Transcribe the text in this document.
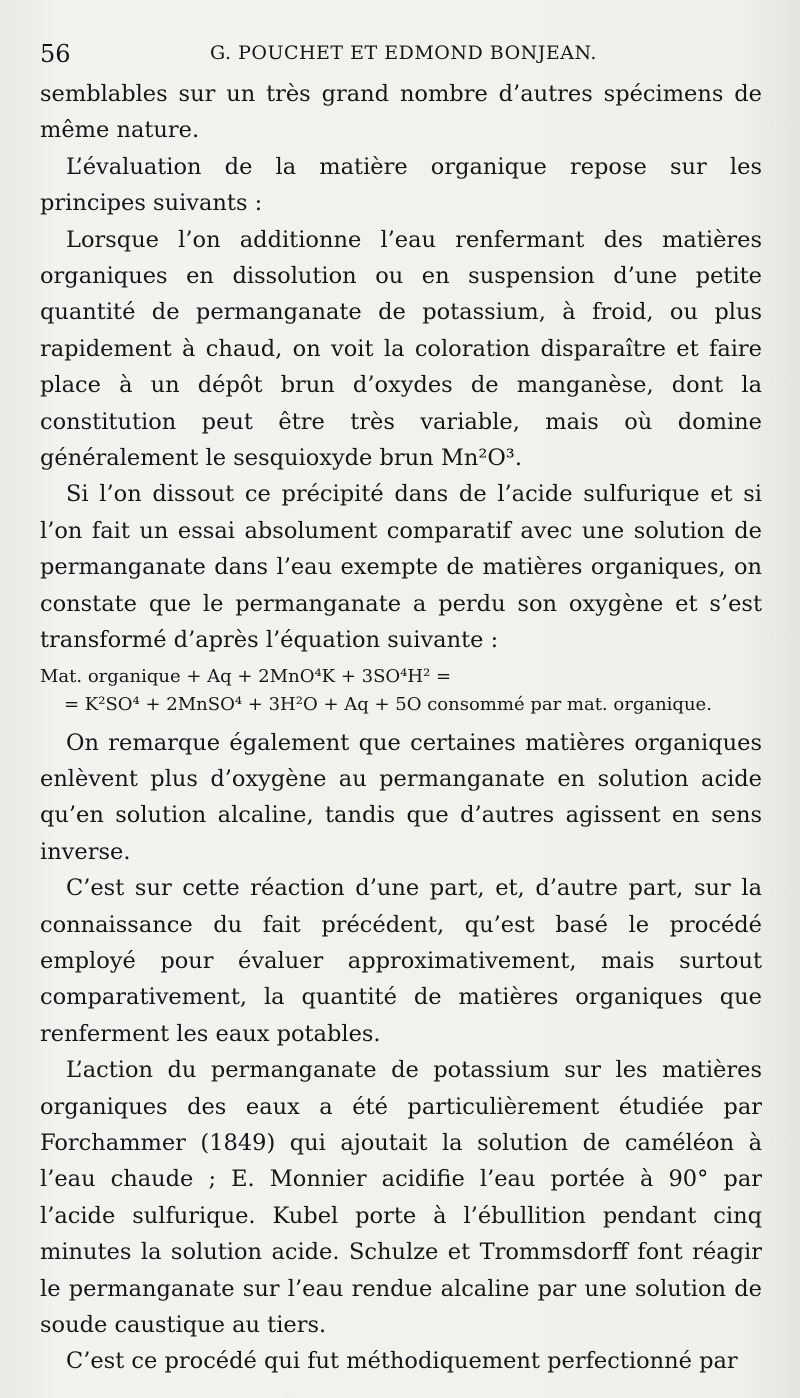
56	G. POUCHET ET EDMOND BONJEAN.

semblables sur un très grand nombre d’autres spécimens de même nature.

L’évaluation de la matière organique repose sur les principes suivants :

Lorsque l’on additionne l’eau renfermant des matières organiques en dissolution ou en suspension d’une petite quantité de permanganate de potassium, à froid, ou plus rapidement à chaud, on voit la coloration disparaître et faire place à un dépôt brun d’oxydes de manganèse, dont la constitution peut être très variable, mais où domine généralement le sesquioxyde brun Mn²O³.

Si l’on dissout ce précipité dans de l’acide sulfurique et si l’on fait un essai absolument comparatif avec une solution de permanganate dans l’eau exempte de matières organiques, on constate que le permanganate a perdu son oxygène et s’est transformé d’après l’équation suivante :

Mat. organique + Aq + 2MnO⁴K + 3SO⁴H² =
= K²SO⁴ + 2MnSO⁴ + 3H²O + Aq + 5O consommé par mat. organique.

On remarque également que certaines matières organiques enlèvent plus d’oxygène au permanganate en solution acide qu’en solution alcaline, tandis que d’autres agissent en sens inverse.

C’est sur cette réaction d’une part, et, d’autre part, sur la connaissance du fait précédent, qu’est basé le procédé employé pour évaluer approximativement, mais surtout comparativement, la quantité de matières organiques que renferment les eaux potables.

L’action du permanganate de potassium sur les matières organiques des eaux a été particulièrement étudiée par Forchammer (1849) qui ajoutait la solution de caméléon à l’eau chaude ; E. Monnier acidifie l’eau portée à 90° par l’acide sulfurique. Kubel porte à l’ébullition pendant cinq minutes la solution acide. Schulze et Trommsdorff font réagir le permanganate sur l’eau rendue alcaline par une solution de soude caustique au tiers.

C’est ce procédé qui fut méthodiquement perfectionné par
